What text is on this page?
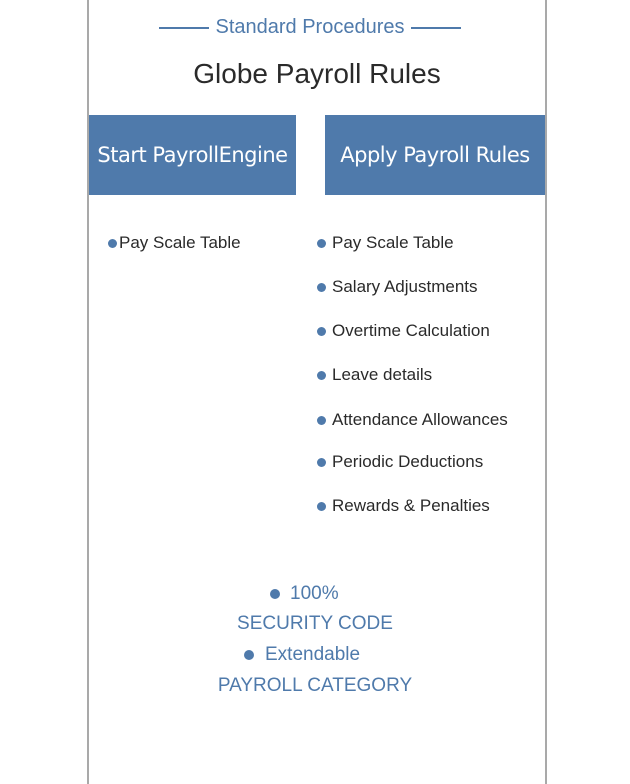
Standard Procedures
Globe Payroll Rules
Start PayrollEngine	Apply Payroll Rules
Pay Scale Table	Pay Scale Table
Salary Adjustments
Overtime Calculation
Leave details
Attendance Allowances
Periodic Deductions
Rewards & Penalties
100%
SECURITY CODE
Extendable
PAYROLL CATEGORY
